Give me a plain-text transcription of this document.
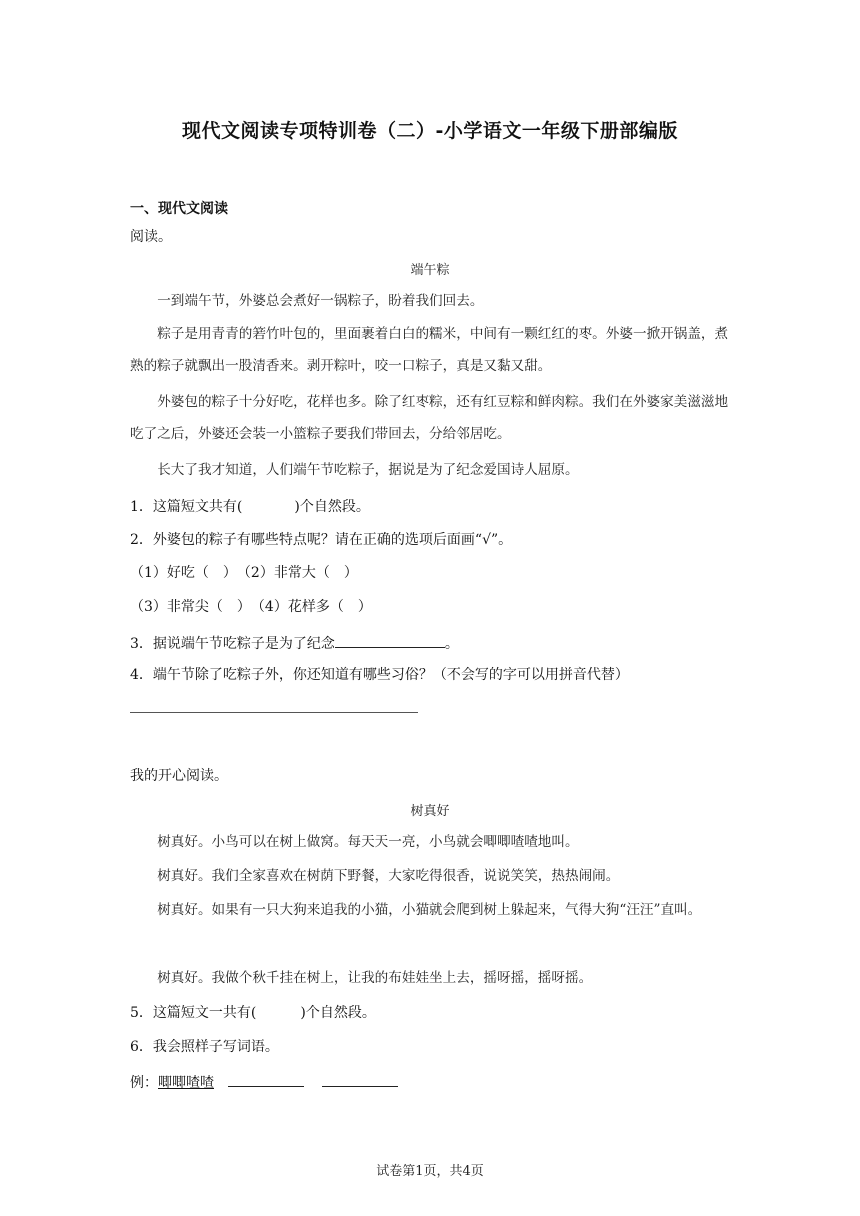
现代文阅读专项特训卷（二）-小学语文一年级下册部编版
一、现代文阅读
阅读。
端午粽
一到端午节，外婆总会煮好一锅粽子，盼着我们回去。
粽子是用青青的箬竹叶包的，里面裹着白白的糯米，中间有一颗红红的枣。外婆一掀开锅盖，煮熟的粽子就飘出一股清香来。剥开粽叶，咬一口粽子，真是又黏又甜。
外婆包的粽子十分好吃，花样也多。除了红枣粽，还有红豆粽和鲜肉粽。我们在外婆家美滋滋地吃了之后，外婆还会装一小篮粽子要我们带回去，分给邻居吃。
长大了我才知道，人们端午节吃粽子，据说是为了纪念爱国诗人屈原。
1．这篇短文共有(	)个自然段。
2．外婆包的粽子有哪些特点呢？请在正确的选项后面画“√”。
（1）好吃（　）　（2）非常大（　）
（3）非常尖（　）　（4）花样多（　）
3．据说端午节吃粽子是为了纪念	。
4．端午节除了吃粽子外，你还知道有哪些习俗？（不会写的字可以用拼音代替）
我的开心阅读。
树真好
树真好。小鸟可以在树上做窝。每天天一亮，小鸟就会唧唧喳喳地叫。
树真好。我们全家喜欢在树荫下野餐，大家吃得很香，说说笑笑，热热闹闹。
树真好。如果有一只大狗来追我的小猫，小猫就会爬到树上躲起来，气得大狗“汪汪”直叫。
树真好。我做个秋千挂在树上，让我的布娃娃坐上去，摇呀摇，摇呀摇。
5．这篇短文一共有(	)个自然段。
6．我会照样子写词语。
例：唧唧喳喳
试卷第1页，共4页
